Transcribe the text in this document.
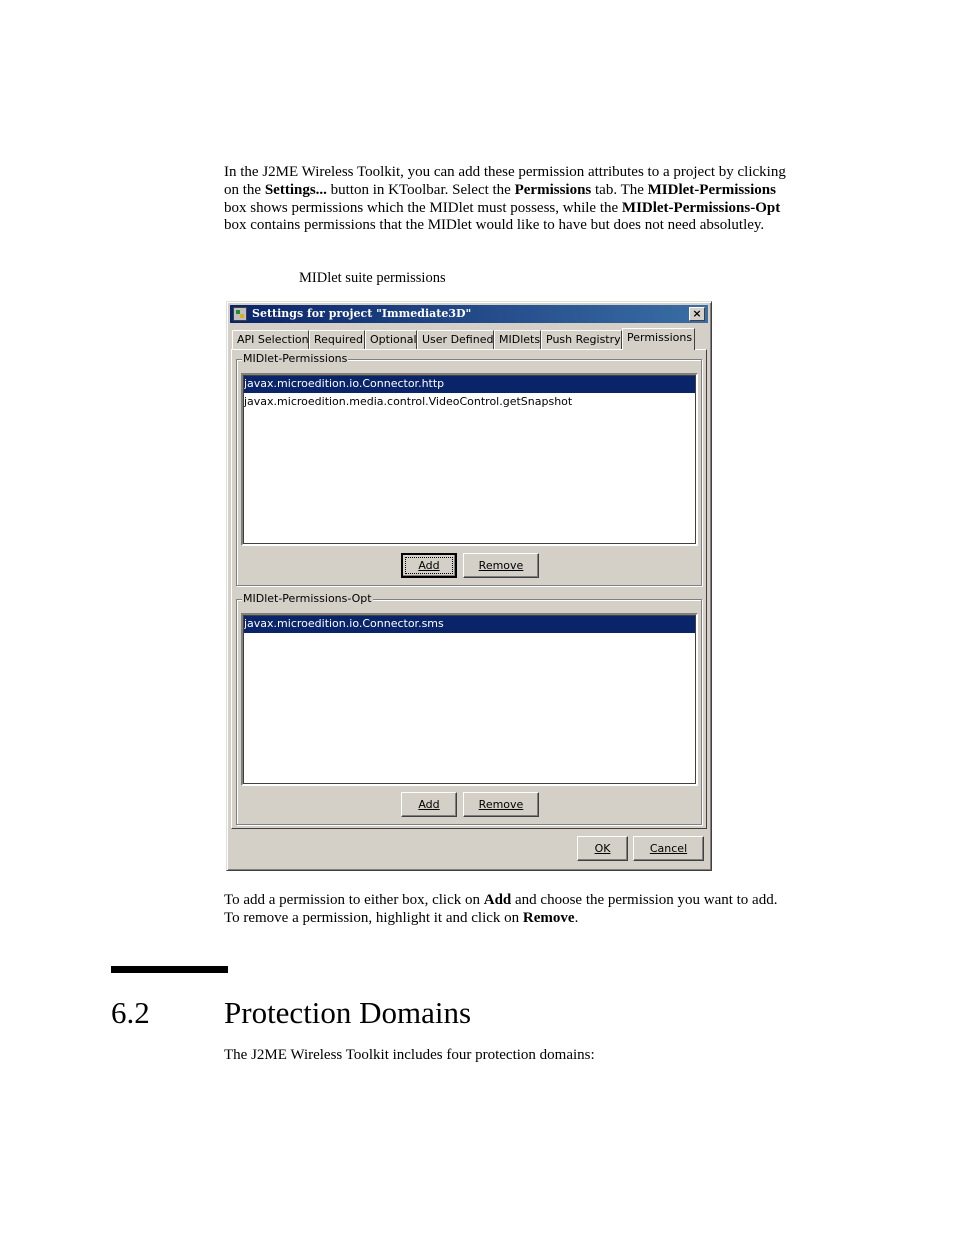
In the J2ME Wireless Toolkit, you can add these permission attributes to a project by clicking on the Settings... button in KToolbar. Select the Permissions tab. The MIDlet-Permissions box shows permissions which the MIDlet must possess, while the MIDlet-Permissions-Opt box contains permissions that the MIDlet would like to have but does not need absolutley.
MIDlet suite permissions
Settings for project "Immediate3D"	×
API Selection Required Optional User Defined MIDlets Push Registry Permissions
MIDlet-Permissions
javax.microedition.io.Connector.http
javax.microedition.media.control.VideoControl.getSnapshot
Add	Remove
MIDlet-Permissions-Opt
javax.microedition.io.Connector.sms
Add	Remove
OK	Cancel
To add a permission to either box, click on Add and choose the permission you want to add. To remove a permission, highlight it and click on Remove.
6.2 Protection Domains
The J2ME Wireless Toolkit includes four protection domains:
